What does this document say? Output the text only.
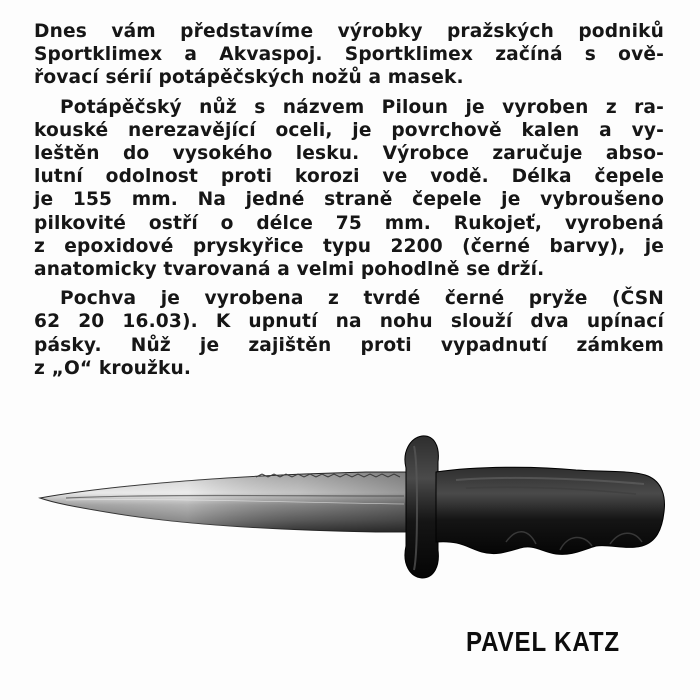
Dnes vám představíme výrobky pražských podniků
Sportklimex a Akvaspoj. Sportklimex začíná s ově-
řovací sérií potápěčských nožů a masek.

Potápěčský nůž s názvem Piloun je vyroben z ra-
kouské nerezavějící oceli, je povrchově kalen a vy-
leštěn do vysokého lesku. Výrobce zaručuje abso-
lutní odolnost proti korozi ve vodě. Délka čepele
je 155 mm. Na jedné straně čepele je vybroušeno
pilkovité ostří o délce 75 mm. Rukojeť, vyrobená
z epoxidové pryskyřice typu 2200 (černé barvy), je
anatomicky tvarovaná a velmi pohodlně se drží.

Pochva je vyrobena z tvrdé černé pryže (ČSN
62 20 16.03). K upnutí na nohu slouží dva upínací
pásky. Nůž je zajištěn proti vypadnutí zámkem
z „O“ kroužku.

PAVEL KATZ
